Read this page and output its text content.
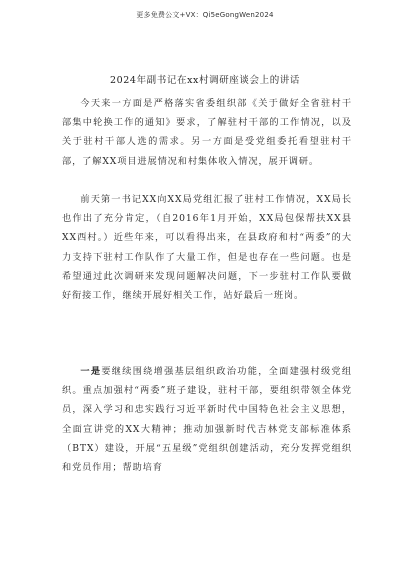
更多免费公文+VX：Qi5eGongWen2024
2024年副书记在xx村调研座谈会上的讲话

今天来一方面是严格落实省委组织部《关于做好全省驻村干部集中轮换工作的通知》要求，了解驻村干部的工作情况，以及关于驻村干部人选的需求。另一方面是受党组委托看望驻村干部，了解XX项目进展情况和村集体收入情况，展开调研。

前天第一书记XX向XX局党组汇报了驻村工作情况，XX局长也作出了充分肯定，（自2016年1月开始，XX局包保帮扶XX县XX西村。）近些年来，可以看得出来，在县政府和村“两委”的大力支持下驻村工作队作了大量工作，但是也存在一些问题。也是希望通过此次调研来发现问题解决问题，下一步驻村工作队要做好衔接工作，继续开展好相关工作，站好最后一班岗。

一是要继续围绕增强基层组织政治功能，全面建强村级党组织。重点加强村“两委”班子建设，驻村干部，要组织带领全体党员，深入学习和忠实践行习近平新时代中国特色社会主义思想，全面宣讲党的XX大精神；推动加强新时代吉林党支部标准体系（BTX）建设，开展“五星级”党组织创建活动，充分发挥党组织和党员作用；帮助培育
